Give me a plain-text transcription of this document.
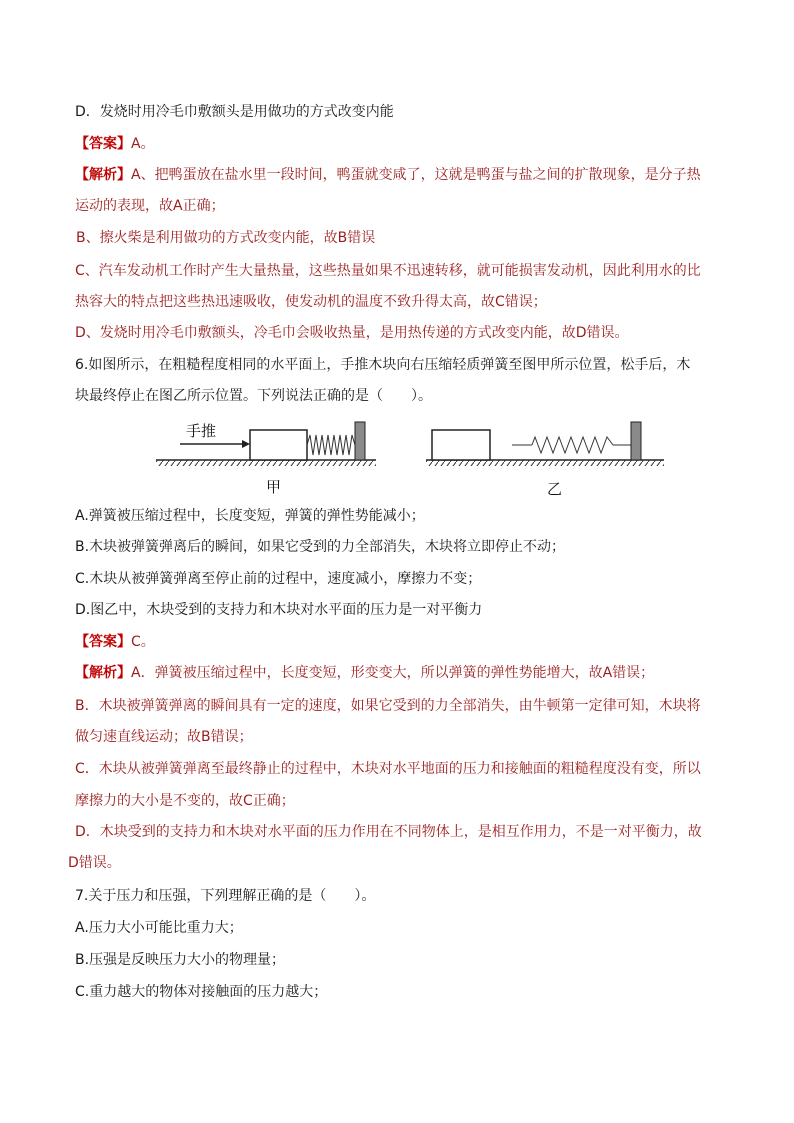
D．发烧时用冷毛巾敷额头是用做功的方式改变内能
【答案】A。
【解析】A、把鸭蛋放在盐水里一段时间，鸭蛋就变咸了，这就是鸭蛋与盐之间的扩散现象，是分子热
运动的表现，故A正确；
B、擦火柴是利用做功的方式改变内能，故B错误
C、汽车发动机工作时产生大量热量，这些热量如果不迅速转移，就可能损害发动机，因此利用水的比
热容大的特点把这些热迅速吸收，使发动机的温度不致升得太高，故C错误；
D、发烧时用冷毛巾敷额头，冷毛巾会吸收热量，是用热传递的方式改变内能，故D错误。
6.如图所示，在粗糙程度相同的水平面上，手推木块向右压缩轻质弹簧至图甲所示位置，松手后，木
块最终停止在图乙所示位置。下列说法正确的是（　　）。
手推
甲	乙
A.弹簧被压缩过程中，长度变短，弹簧的弹性势能减小；
B.木块被弹簧弹离后的瞬间，如果它受到的力全部消失，木块将立即停止不动；
C.木块从被弹簧弹离至停止前的过程中，速度减小，摩擦力不变；
D.图乙中，木块受到的支持力和木块对水平面的压力是一对平衡力
【答案】C。
【解析】A．弹簧被压缩过程中，长度变短，形变变大，所以弹簧的弹性势能增大，故A错误；
B．木块被弹簧弹离的瞬间具有一定的速度，如果它受到的力全部消失，由牛顿第一定律可知，木块将
做匀速直线运动；故B错误；
C．木块从被弹簧弹离至最终静止的过程中，木块对水平地面的压力和接触面的粗糙程度没有变，所以
摩擦力的大小是不变的，故C正确；
D．木块受到的支持力和木块对水平面的压力作用在不同物体上，是相互作用力，不是一对平衡力，故
D错误。
7.关于压力和压强，下列理解正确的是（　　）。
A.压力大小可能比重力大；
B.压强是反映压力大小的物理量；
C.重力越大的物体对接触面的压力越大；
